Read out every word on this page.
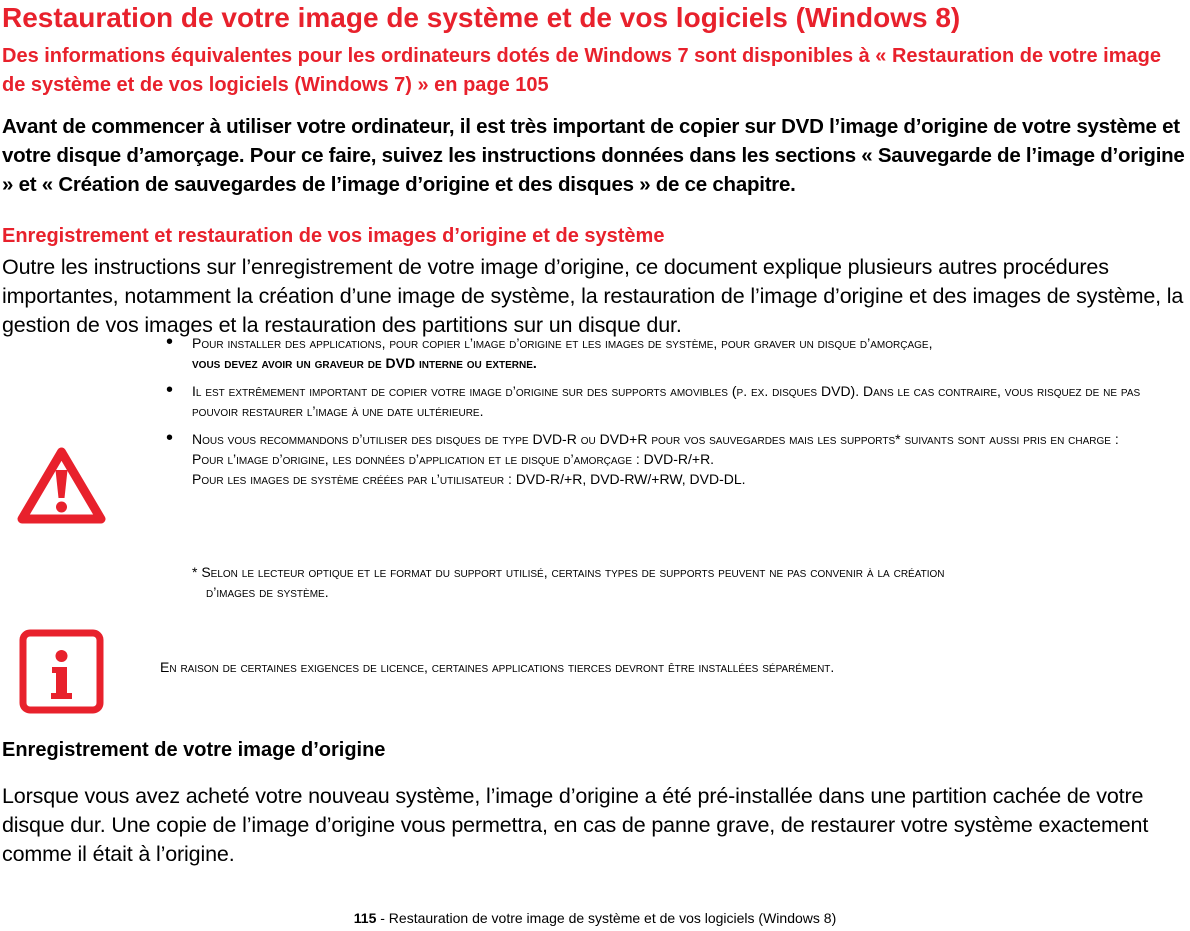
Restauration de votre image de système et de vos logiciels (Windows 8)
Des informations équivalentes pour les ordinateurs dotés de Windows 7 sont disponibles à « Restauration de votre image de système et de vos logiciels (Windows 7) » en page 105
Avant de commencer à utiliser votre ordinateur, il est très important de copier sur DVD l’image d’origine de votre système et votre disque d’amorçage. Pour ce faire, suivez les instructions données dans les sections « Sauvegarde de l’image d’origine » et « Création de sauvegardes de l’image d’origine et des disques » de ce chapitre.
Enregistrement et restauration de vos images d’origine et de système
Outre les instructions sur l’enregistrement de votre image d’origine, ce document explique plusieurs autres procédures importantes, notamment la création d’une image de système, la restauration de l’image d’origine et des images de système, la gestion de vos images et la restauration des partitions sur un disque dur.
• Pour installer des applications, pour copier l’image d’origine et les images de système, pour graver un disque d’amorçage,
vous devez avoir un graveur de DVD interne ou externe.
• Il est extrêmement important de copier votre image d’origine sur des supports amovibles (p. ex. disques DVD). Dans le cas contraire, vous risquez de ne pas pouvoir restaurer l’image à une date ultérieure.
• Nous vous recommandons d’utiliser des disques de type DVD-R ou DVD+R pour vos sauvegardes mais les supports* suivants sont aussi pris en charge :
Pour l’image d’origine, les données d’application et le disque d’amorçage : DVD-R/+R.
Pour les images de système créées par l’utilisateur : DVD-R/+R, DVD-RW/+RW, DVD-DL.
* Selon le lecteur optique et le format du support utilisé, certains types de supports peuvent ne pas convenir à la création
d’images de système.
En raison de certaines exigences de licence, certaines applications tierces devront être installées séparément.
Enregistrement de votre image d’origine
Lorsque vous avez acheté votre nouveau système, l’image d’origine a été pré-installée dans une partition cachée de votre disque dur. Une copie de l’image d’origine vous permettra, en cas de panne grave, de restaurer votre système exactement comme il était à l’origine.
115 - Restauration de votre image de système et de vos logiciels (Windows 8)
